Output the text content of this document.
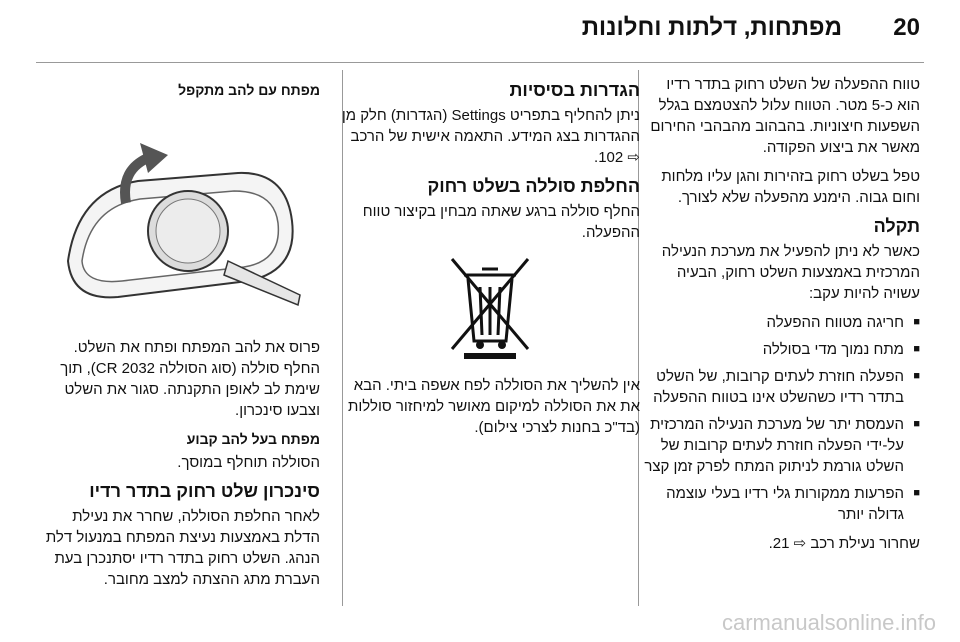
20
מפתחות, דלתות וחלונות

טווח ההפעלה של השלט רחוק בתדר רדיו הוא כ-5 מטר. הטווח עלול להצטמצם בגלל השפעות חיצוניות. בהבהוב מהבהבי החירום מאשר את ביצוע הפקודה.

טפל בשלט רחוק בזהירות והגן עליו מלחות וחום גבוה. הימנע מהפעלה שלא לצורך.

תקלה

כאשר לא ניתן להפעיל את מערכת הנעילה המרכזית באמצעות השלט רחוק, הבעיה עשויה להיות עקב:

■ חריגה מטווח ההפעלה
■ מתח נמוך מדי בסוללה
■ הפעלה חוזרת לעתים קרובות, של השלט בתדר רדיו כשהשלט אינו בטווח ההפעלה
■ העמסת יתר של מערכת הנעילה המרכזית על-ידי הפעלה חוזרת לעתים קרובות של השלט גורמת לניתוק המתח לפרק זמן קצר
■ הפרעות ממקורות גלי רדיו בעלי עוצמה גדולה יותר

שחרור נעילת רכב ⇨ 21.

הגדרות בסיסיות

ניתן להחליף בתפריט Settings (הגדרות) חלק מן ההגדרות בצג המידע. התאמה אישית של הרכב ⇨ 102.

החלפת סוללה בשלט רחוק

החלף סוללה ברגע שאתה מבחין בקיצור טווח ההפעלה.

אין להשליך את הסוללה לפח אשפה ביתי. הבא את את הסוללה למיקום מאושר למיחזור סוללות (בד"כ בחנות לצרכי צילום).

מפתח עם להב מתקפל

פרוס את להב המפתח ופתח את השלט. החלף סוללה (סוג הסוללה CR 2032), תוך שימת לב לאופן התקנתה. סגור את השלט וצבעו סינכרון.

מפתח בעל להב קבוע

הסוללה תוחלף במוסך.

סינכרון שלט רחוק בתדר רדיו

לאחר החלפת הסוללה, שחרר את נעילת הדלת באמצעות נעיצת המפתח במנעול דלת הנהג. השלט רחוק בתדר רדיו יסתנכרן בעת העברת מתג ההצתה למצב מחובר.

carmanualsonline.info
